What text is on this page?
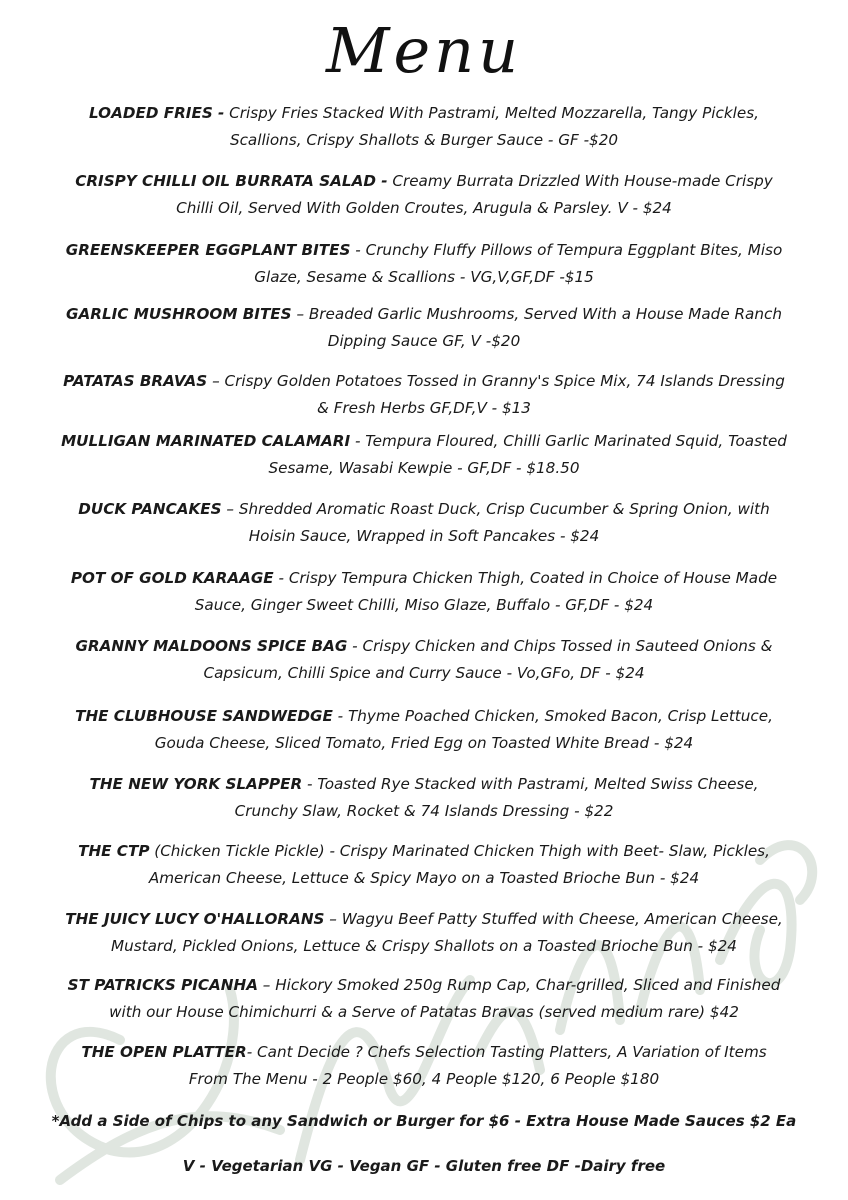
Menu
LOADED FRIES - Crispy Fries Stacked With Pastrami, Melted Mozzarella, Tangy Pickles, Scallions, Crispy Shallots & Burger Sauce - GF -$20
CRISPY CHILLI OIL BURRATA SALAD - Creamy Burrata Drizzled With House-made Crispy Chilli Oil, Served With Golden Croutes, Arugula & Parsley. V - $24
GREENSKEEPER EGGPLANT BITES - Crunchy Fluffy Pillows of Tempura Eggplant Bites, Miso Glaze, Sesame & Scallions - VG,V,GF,DF -$15
GARLIC MUSHROOM BITES – Breaded Garlic Mushrooms, Served With a House Made Ranch Dipping Sauce GF, V -$20
PATATAS BRAVAS – Crispy Golden Potatoes Tossed in Granny's Spice Mix, 74 Islands Dressing & Fresh Herbs GF,DF,V - $13
MULLIGAN MARINATED CALAMARI - Tempura Floured, Chilli Garlic Marinated Squid, Toasted Sesame, Wasabi Kewpie - GF,DF - $18.50
DUCK PANCAKES – Shredded Aromatic Roast Duck, Crisp Cucumber & Spring Onion, with Hoisin Sauce, Wrapped in Soft Pancakes - $24
POT OF GOLD KARAAGE - Crispy Tempura Chicken Thigh, Coated in Choice of House Made Sauce, Ginger Sweet Chilli, Miso Glaze, Buffalo - GF,DF - $24
GRANNY MALDOONS SPICE BAG - Crispy Chicken and Chips Tossed in Sauteed Onions & Capsicum, Chilli Spice and Curry Sauce - Vo,GFo, DF - $24
THE CLUBHOUSE SANDWEDGE - Thyme Poached Chicken, Smoked Bacon, Crisp Lettuce, Gouda Cheese, Sliced Tomato, Fried Egg on Toasted White Bread - $24
THE NEW YORK SLAPPER - Toasted Rye Stacked with Pastrami, Melted Swiss Cheese, Crunchy Slaw, Rocket & 74 Islands Dressing - $22
THE CTP (Chicken Tickle Pickle) - Crispy Marinated Chicken Thigh with Beet- Slaw, Pickles, American Cheese, Lettuce & Spicy Mayo on a Toasted Brioche Bun - $24
THE JUICY LUCY O'HALLORANS – Wagyu Beef Patty Stuffed with Cheese, American Cheese, Mustard, Pickled Onions, Lettuce & Crispy Shallots on a Toasted Brioche Bun - $24
ST PATRICKS PICANHA – Hickory Smoked 250g Rump Cap, Char-grilled, Sliced and Finished with our House Chimichurri & a Serve of Patatas Bravas (served medium rare) $42
THE OPEN PLATTER- Cant Decide ? Chefs Selection Tasting Platters, A Variation of Items From The Menu - 2 People $60, 4 People $120, 6 People $180
*Add a Side of Chips to any Sandwich or Burger for $6 - Extra House Made Sauces $2 Ea
V - Vegetarian VG - Vegan GF - Gluten free DF -Dairy free
